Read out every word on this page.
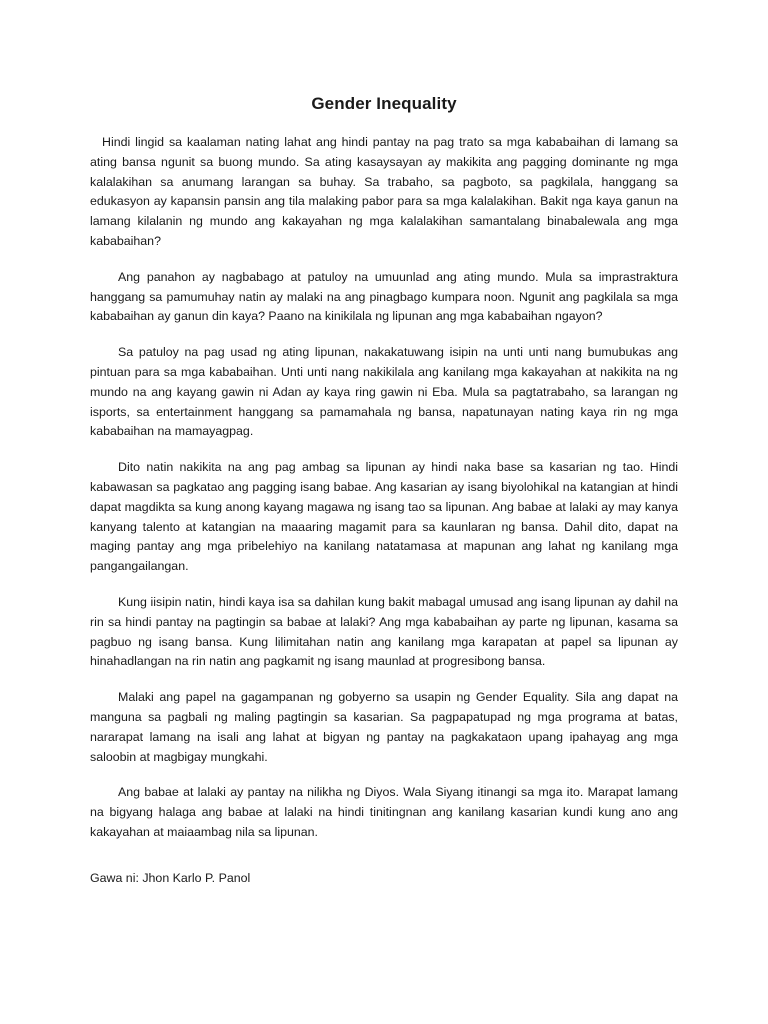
Gender Inequality

Hindi lingid sa kaalaman nating lahat ang hindi pantay na pag trato sa mga kababaihan di lamang sa ating bansa ngunit sa buong mundo. Sa ating kasaysayan ay makikita ang pagging dominante ng mga kalalakihan sa anumang larangan sa buhay. Sa trabaho, sa pagboto, sa pagkilala, hanggang sa edukasyon ay kapansin pansin ang tila malaking pabor para sa mga kalalakihan. Bakit nga kaya ganun na lamang kilalanin ng mundo ang kakayahan ng mga kalalakihan samantalang binabalewala ang mga kababaihan?

Ang panahon ay nagbabago at patuloy na umuunlad ang ating mundo. Mula sa imprastraktura hanggang sa pamumuhay natin ay malaki na ang pinagbago kumpara noon. Ngunit ang pagkilala sa mga kababaihan ay ganun din kaya? Paano na kinikilala ng lipunan ang mga kababaihan ngayon?

Sa patuloy na pag usad ng ating lipunan, nakakatuwang isipin na unti unti nang bumubukas ang pintuan para sa mga kababaihan. Unti unti nang nakikilala ang kanilang mga kakayahan at nakikita na ng mundo na ang kayang gawin ni Adan ay kaya ring gawin ni Eba. Mula sa pagtatrabaho, sa larangan ng isports, sa entertainment hanggang sa pamamahala ng bansa, napatunayan nating kaya rin ng mga kababaihan na mamayagpag.

Dito natin nakikita na ang pag ambag sa lipunan ay hindi naka base sa kasarian ng tao. Hindi kabawasan sa pagkatao ang pagging isang babae. Ang kasarian ay isang biyolohikal na katangian at hindi dapat magdikta sa kung anong kayang magawa ng isang tao sa lipunan. Ang babae at lalaki ay may kanya kanyang talento at katangian na maaaring magamit para sa kaunlaran ng bansa. Dahil dito, dapat na maging pantay ang mga pribelehiyo na kanilang natatamasa at mapunan ang lahat ng kanilang mga pangangailangan.

Kung iisipin natin, hindi kaya isa sa dahilan kung bakit mabagal umusad ang isang lipunan ay dahil na rin sa hindi pantay na pagtingin sa babae at lalaki? Ang mga kababaihan ay parte ng lipunan, kasama sa pagbuo ng isang bansa. Kung lilimitahan natin ang kanilang mga karapatan at papel sa lipunan ay hinahadlangan na rin natin ang pagkamit ng isang maunlad at progresibong bansa.

Malaki ang papel na gagampanan ng gobyerno sa usapin ng Gender Equality. Sila ang dapat na manguna sa pagbali ng maling pagtingin sa kasarian. Sa pagpapatupad ng mga programa at batas, nararapat lamang na isali ang lahat at bigyan ng pantay na pagkakataon upang ipahayag ang mga saloobin at magbigay mungkahi.

Ang babae at lalaki ay pantay na nilikha ng Diyos. Wala Siyang itinangi sa mga ito. Marapat lamang na bigyang halaga ang babae at lalaki na hindi tinitingnan ang kanilang kasarian kundi kung ano ang kakayahan at maiaambag nila sa lipunan.

Gawa ni: Jhon Karlo P. Panol
